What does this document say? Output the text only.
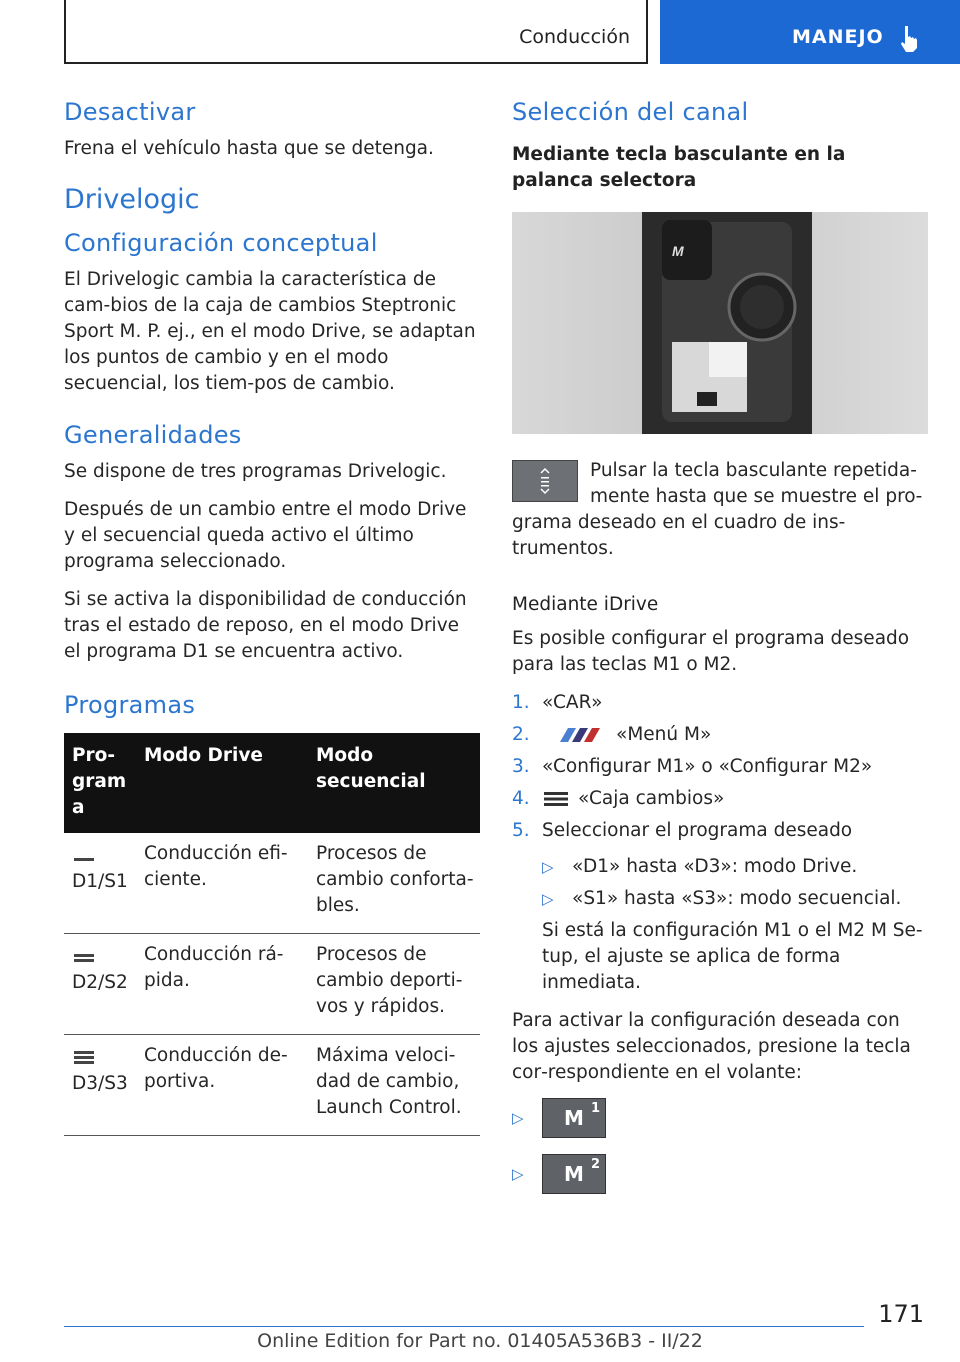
Conducción	MANEJO
Desactivar

Frena el vehículo hasta que se detenga.

Drivelogic
Configuración conceptual

El Drivelogic cambia la característica de cam‐bios de la caja de cambios Steptronic Sport M. P. ej., en el modo Drive, se adaptan los puntos de cambio y en el modo secuencial, los tiem‐pos de cambio.

Generalidades

Se dispone de tres programas Drivelogic.

Después de un cambio entre el modo Drive y el secuencial queda activo el último programa seleccionado.

Si se activa la disponibilidad de conducción tras el estado de reposo, en el modo Drive el programa D1 se encuentra activo.

Programas
Pro‐gram a	Modo Drive	Modo secuencial

D1/S1	Conducción efi‐ciente.	Procesos de cambio conforta‐bles.

D2/S2	Conducción rá‐pida.	Procesos de cambio deporti‐vos y rápidos.

D3/S3	Conducción de‐portiva.	Máxima veloci‐dad de cambio, Launch Control.
Selección del canal
Mediante tecla basculante en la palanca selectora
M

Pulsar la tecla basculante repetida‐mente hasta que se muestre el pro‐grama deseado en el cuadro de ins‐trumentos.

Mediante iDrive

Es posible configurar el programa deseado para las teclas M1 o M2.

1. «CAR»
2.	«Menú M»
3. «Configurar M1» o «Configurar M2»
4.	«Caja cambios»
5. Seleccionar el programa deseado
▷ «D1» hasta «D3»: modo Drive.
▷ «S1» hasta «S3»: modo secuencial.

Si está la configuración M1 o el M2 M Se‐tup, el ajuste se aplica de forma inmediata.

Para activar la configuración deseada con los ajustes seleccionados, presione la tecla cor‐respondiente en el volante:

▷	M $^1$
▷	M $^2$
171
Online Edition for Part no. 01405A536B3 - II/22
